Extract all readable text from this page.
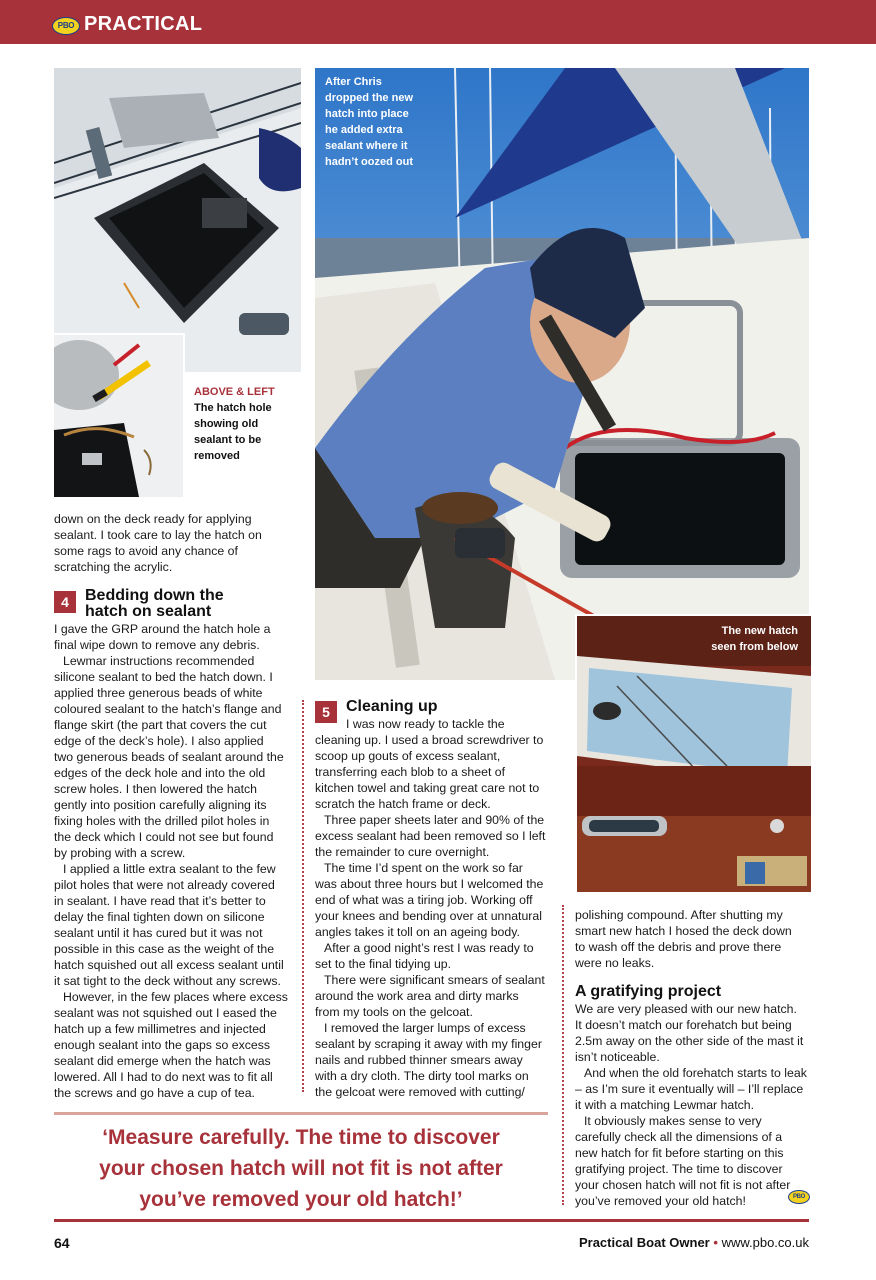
PBO PRACTICAL
ABOVE & LEFT
The hatch hole
showing old
sealant to be
removed
After Chris
dropped the new
hatch into place
he added extra
sealant where it
hadn’t oozed out
The new hatch
seen from below
down on the deck ready for applying
sealant. I took care to lay the hatch on
some rags to avoid any chance of
scratching the acrylic.
4	Bedding down the
hatch on sealant
I gave the GRP around the hatch hole a
final wipe down to remove any debris.
Lewmar instructions recommended
silicone sealant to bed the hatch down. I
applied three generous beads of white
coloured sealant to the hatch’s flange and
flange skirt (the part that covers the cut
edge of the deck’s hole). I also applied
two generous beads of sealant around the
edges of the deck hole and into the old
screw holes. I then lowered the hatch
gently into position carefully aligning its
fixing holes with the drilled pilot holes in
the deck which I could not see but found
by probing with a screw.
I applied a little extra sealant to the few
pilot holes that were not already covered
in sealant. I have read that it’s better to
delay the final tighten down on silicone
sealant until it has cured but it was not
possible in this case as the weight of the
hatch squished out all excess sealant until
it sat tight to the deck without any screws.
However, in the few places where excess
sealant was not squished out I eased the
hatch up a few millimetres and injected
enough sealant into the gaps so excess
sealant did emerge when the hatch was
lowered. All I had to do next was to fit all
the screws and go have a cup of tea.
5	Cleaning up
I was now ready to tackle the
cleaning up. I used a broad screwdriver to
scoop up gouts of excess sealant,
transferring each blob to a sheet of
kitchen towel and taking great care not to
scratch the hatch frame or deck.
Three paper sheets later and 90% of the
excess sealant had been removed so I left
the remainder to cure overnight.
The time I’d spent on the work so far
was about three hours but I welcomed the
end of what was a tiring job. Working off
your knees and bending over at unnatural
angles takes it toll on an ageing body.
After a good night’s rest I was ready to
set to the final tidying up.
There were significant smears of sealant
around the work area and dirty marks
from my tools on the gelcoat.
I removed the larger lumps of excess
sealant by scraping it away with my finger
nails and rubbed thinner smears away
with a dry cloth. The dirty tool marks on
the gelcoat were removed with cutting/
polishing compound. After shutting my
smart new hatch I hosed the deck down
to wash off the debris and prove there
were no leaks.
A gratifying project
We are very pleased with our new hatch.
It doesn’t match our forehatch but being
2.5m away on the other side of the mast it
isn’t noticeable.
And when the old forehatch starts to leak
– as I’m sure it eventually will – I’ll replace
it with a matching Lewmar hatch.
It obviously makes sense to very
carefully check all the dimensions of a
new hatch for fit before starting on this
gratifying project. The time to discover
your chosen hatch will not fit is not after
you’ve removed your old hatch!	PBO
‘Measure carefully. The time to discover
your chosen hatch will not fit is not after
you’ve removed your old hatch!’
64	Practical Boat Owner • www.pbo.co.uk
